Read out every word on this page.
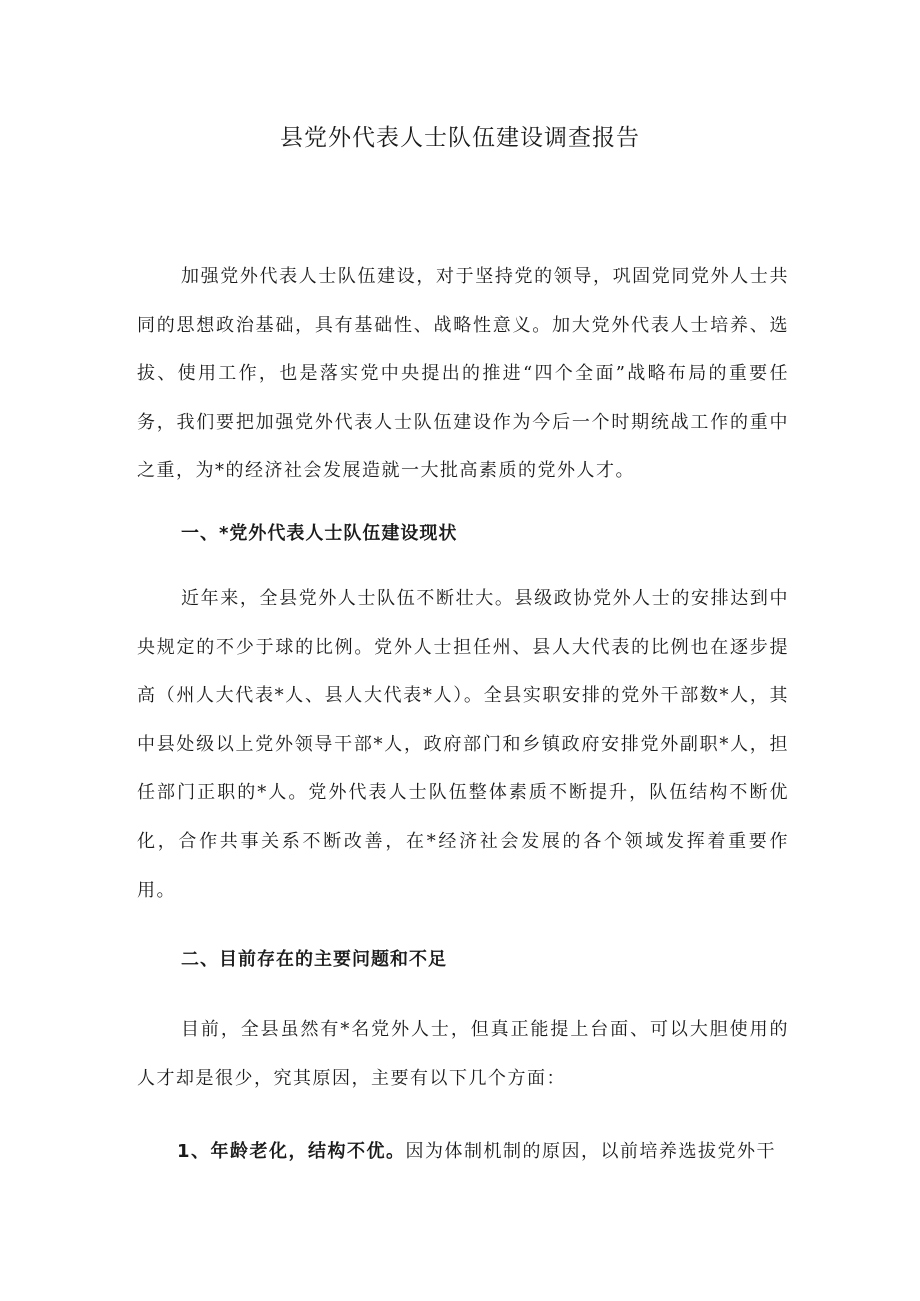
县党外代表人士队伍建设调查报告

加强党外代表人士队伍建设，对于坚持党的领导，巩固党同党外人士共同的思想政治基础，具有基础性、战略性意义。加大党外代表人士培养、选拔、使用工作，也是落实党中央提出的推进“四个全面”战略布局的重要任务，我们要把加强党外代表人士队伍建设作为今后一个时期统战工作的重中之重，为*的经济社会发展造就一大批高素质的党外人才。

一、*党外代表人士队伍建设现状

近年来，全县党外人士队伍不断壮大。县级政协党外人士的安排达到中央规定的不少于球的比例。党外人士担任州、县人大代表的比例也在逐步提高（州人大代表*人、县人大代表*人）。全县实职安排的党外干部数*人，其中县处级以上党外领导干部*人，政府部门和乡镇政府安排党外副职*人，担任部门正职的*人。党外代表人士队伍整体素质不断提升，队伍结构不断优化，合作共事关系不断改善，在*经济社会发展的各个领域发挥着重要作用。

二、目前存在的主要问题和不足

目前，全县虽然有*名党外人士，但真正能提上台面、可以大胆使用的人才却是很少，究其原因，主要有以下几个方面：

1、年龄老化，结构不优。因为体制机制的原因，以前培养选拔党外干
